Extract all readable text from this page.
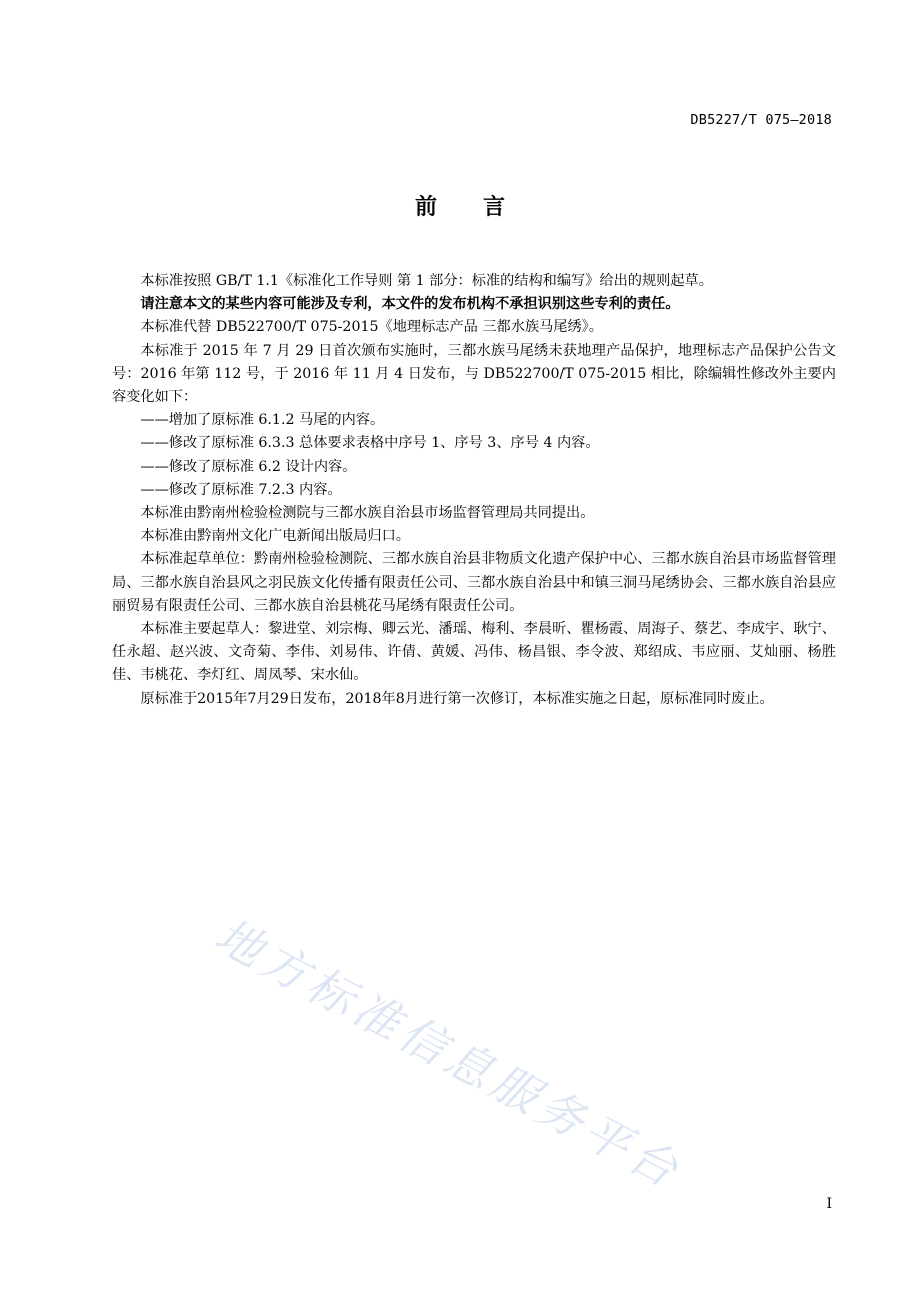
DB5227/T 075—2018
前言

本标准按照 GB/T 1.1《标准化工作导则 第 1 部分：标准的结构和编写》给出的规则起草。

请注意本文的某些内容可能涉及专利，本文件的发布机构不承担识别这些专利的责任。

本标准代替 DB522700/T 075-2015《地理标志产品 三都水族马尾绣》。

本标准于 2015 年 7 月 29 日首次颁布实施时，三都水族马尾绣未获地理产品保护，地理标志产品保护公告文号：2016 年第 112 号，于 2016 年 11 月 4 日发布，与 DB522700/T 075-2015 相比，除编辑性修改外主要内容变化如下：

——增加了原标准 6.1.2 马尾的内容。

——修改了原标准 6.3.3 总体要求表格中序号 1、序号 3、序号 4 内容。

——修改了原标准 6.2 设计内容。

——修改了原标准 7.2.3 内容。

本标准由黔南州检验检测院与三都水族自治县市场监督管理局共同提出。

本标准由黔南州文化广电新闻出版局归口。

本标准起草单位：黔南州检验检测院、三都水族自治县非物质文化遗产保护中心、三都水族自治县市场监督管理局、三都水族自治县风之羽民族文化传播有限责任公司、三都水族自治县中和镇三洞马尾绣协会、三都水族自治县应丽贸易有限责任公司、三都水族自治县桃花马尾绣有限责任公司。

本标准主要起草人：黎进堂、刘宗梅、卿云光、潘瑶、梅利、李晨昕、瞿杨霞、周海子、蔡艺、李成宇、耿宁、任永超、赵兴波、文奇菊、李伟、刘易伟、许倩、黄媛、冯伟、杨昌银、李令波、郑绍成、韦应丽、艾灿丽、杨胜佳、韦桃花、李灯红、周凤琴、宋水仙。

原标准于2015年7月29日发布，2018年8月进行第一次修订，本标准实施之日起，原标准同时废止。

地方标准信息服务平台
I
